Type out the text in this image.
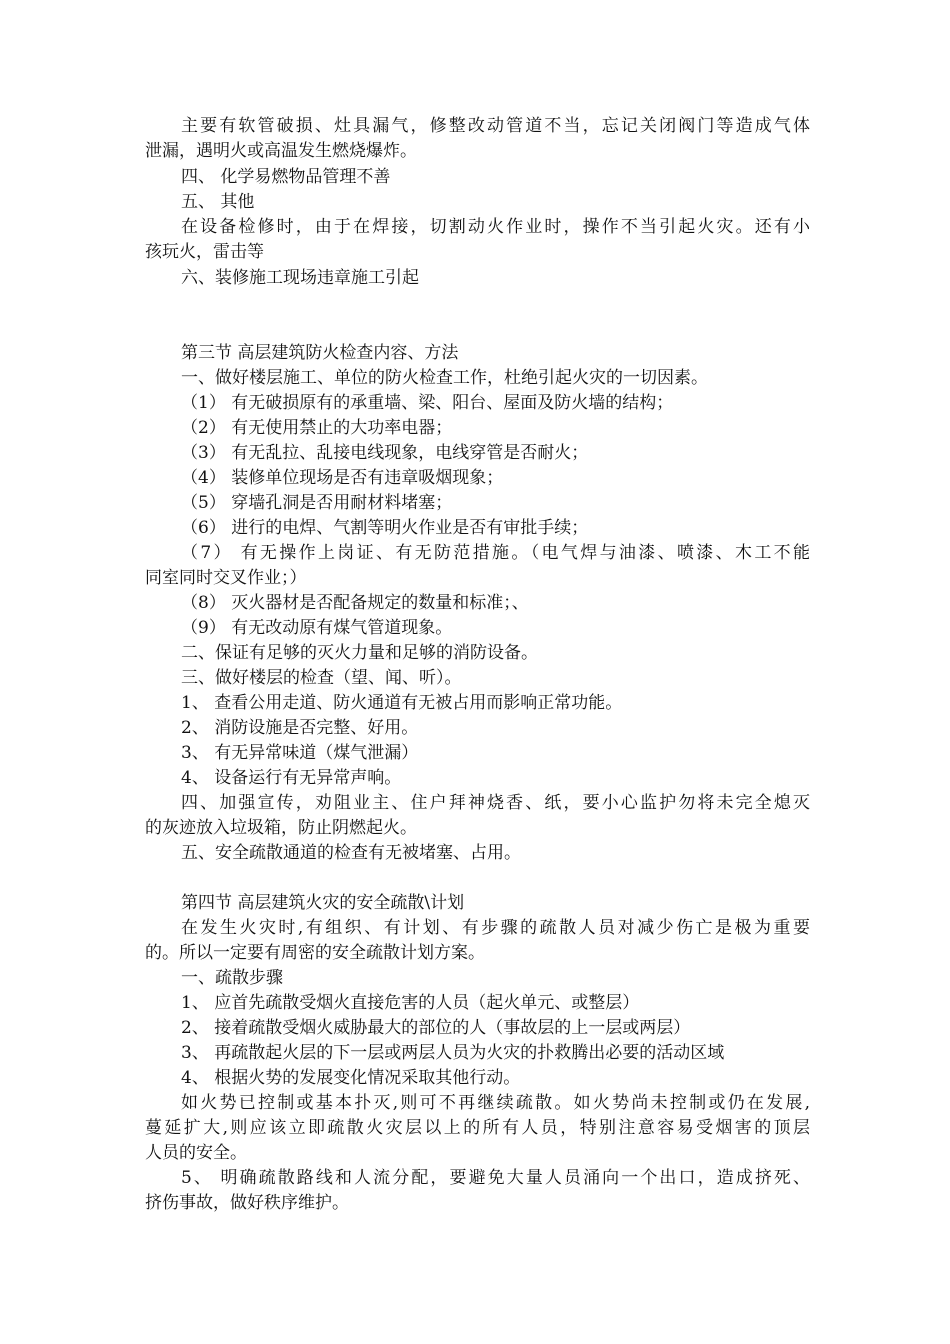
主要有软管破损、灶具漏气，修整改动管道不当，忘记关闭阀门等造成气体
泄漏，遇明火或高温发生燃烧爆炸。
四、 化学易燃物品管理不善
五、 其他
在设备检修时，由于在焊接，切割动火作业时，操作不当引起火灾。还有小
孩玩火，雷击等
六、装修施工现场违章施工引起
第三节 高层建筑防火检查内容、方法
一、做好楼层施工、单位的防火检查工作，杜绝引起火灾的一切因素。
（1） 有无破损原有的承重墙、梁、阳台、屋面及防火墙的结构；
（2） 有无使用禁止的大功率电器；
（3） 有无乱拉、乱接电线现象，电线穿管是否耐火；
（4） 装修单位现场是否有违章吸烟现象；
（5） 穿墙孔洞是否用耐材料堵塞；
（6） 进行的电焊、气割等明火作业是否有审批手续；
（7） 有无操作上岗证、有无防范措施。（电气焊与油漆、喷漆、木工不能
同室同时交叉作业；）
（8） 灭火器材是否配备规定的数量和标准；、
（9） 有无改动原有煤气管道现象。
二、保证有足够的灭火力量和足够的消防设备。
三、做好楼层的检查（望、闻、听）。
1、 查看公用走道、防火通道有无被占用而影响正常功能。
2、 消防设施是否完整、好用。
3、 有无异常味道（煤气泄漏）
4、 设备运行有无异常声响。
四、加强宣传，劝阻业主、住户拜神烧香、纸，要小心监护勿将未完全熄灭
的灰迹放入垃圾箱，防止阴燃起火。
五、安全疏散通道的检查有无被堵塞、占用。
第四节 高层建筑火灾的安全疏散\计划
在发生火灾时,有组织、有计划、有步骤的疏散人员对减少伤亡是极为重要
的。所以一定要有周密的安全疏散计划方案。
一、疏散步骤
1、 应首先疏散受烟火直接危害的人员（起火单元、或整层）
2、 接着疏散受烟火威胁最大的部位的人（事故层的上一层或两层）
3、 再疏散起火层的下一层或两层人员为火灾的扑救腾出必要的活动区域
4、 根据火势的发展变化情况采取其他行动。
如火势已控制或基本扑灭,则可不再继续疏散。如火势尚未控制或仍在发展,
蔓延扩大,则应该立即疏散火灾层以上的所有人员，特别注意容易受烟害的顶层
人员的安全。
5、 明确疏散路线和人流分配，要避免大量人员涌向一个出口，造成挤死、
挤伤事故，做好秩序维护。
